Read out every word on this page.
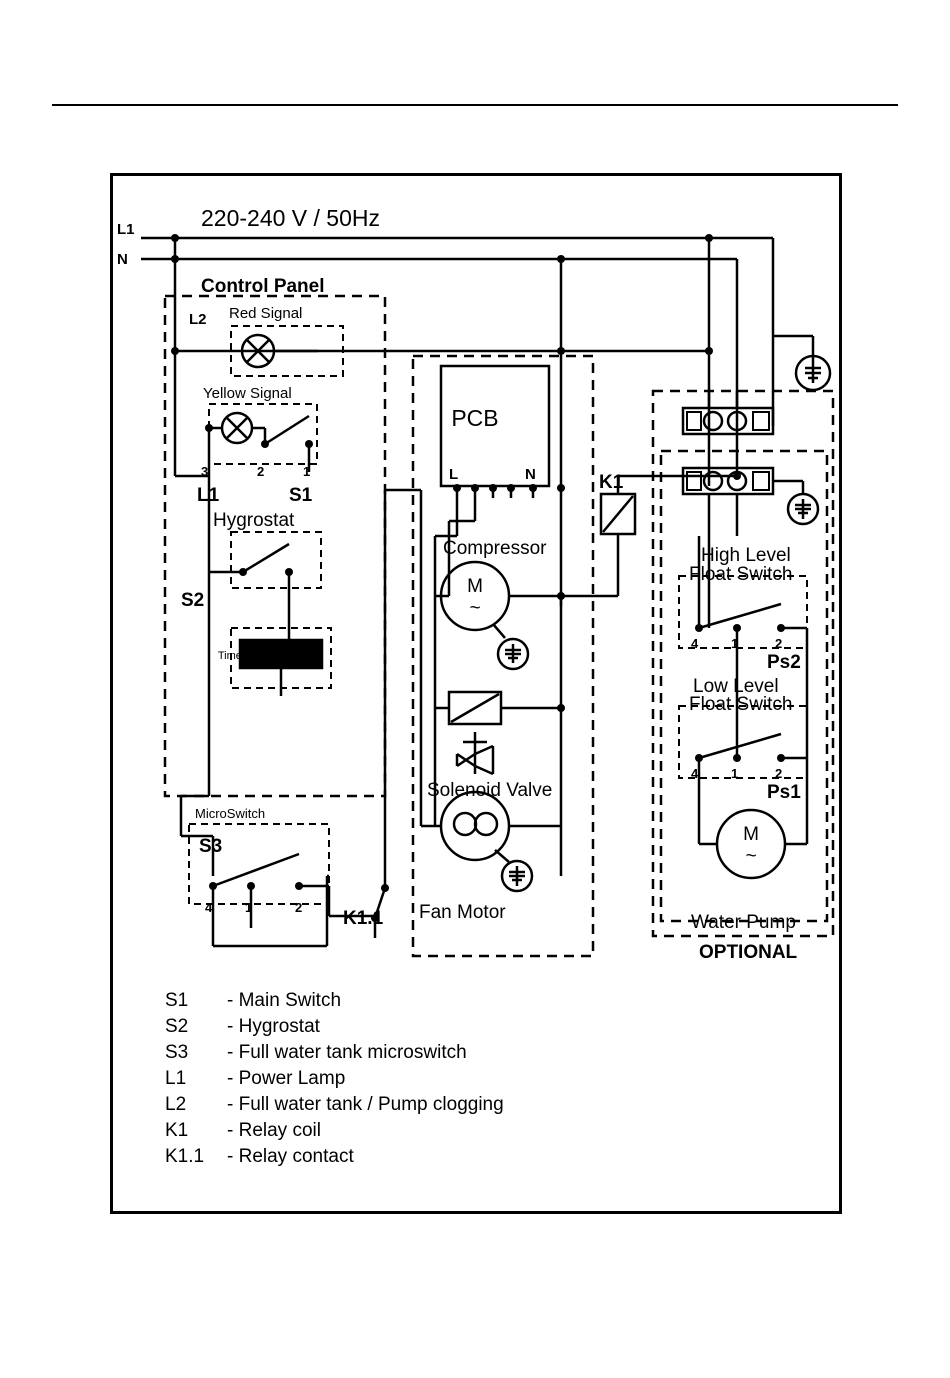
220-240 V / 50Hz
L1
N
Control Panel
L2 Red Signal
Yellow Signal
3	2	1
L1	S1
Hygrostat
S2
Time Counter
MicroSwitch
S3
4	1	2
PCB
L	N
Compressor
M
~
Solenoid Valve
Fan Motor
K1
K1.1
High Level
Float Switch
4	1	2
Ps2
Low Level
Float Switch
4	1	2
Ps1
M
~
Water Pump
OPTIONAL
S1	- Main Switch
S2	- Hygrostat
S3	- Full water tank microswitch
L1	- Power Lamp
L2	- Full water tank / Pump clogging
K1	- Relay coil
K1.1	- Relay contact
